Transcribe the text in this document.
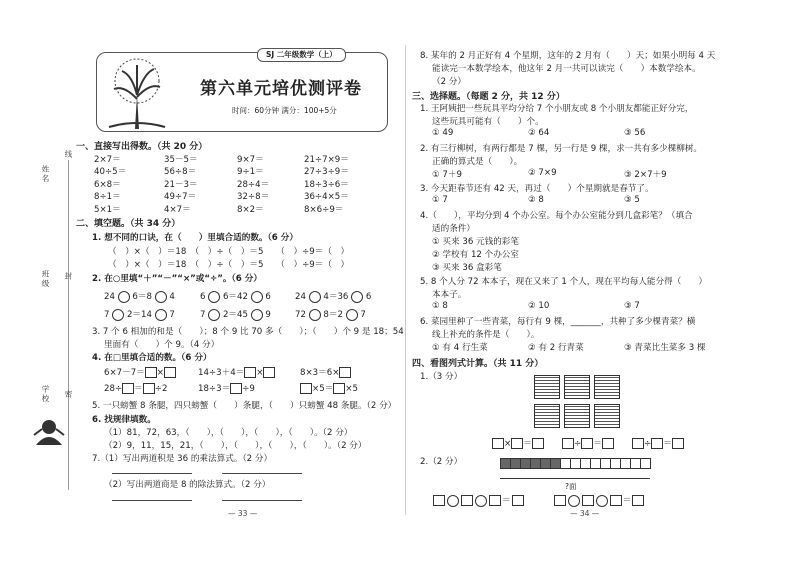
姓名
线
班级 封
学校 密
SJ 二年级数学（上）
第六单元培优测评卷
时间：60分钟 满分：100+5分
一、直接写出得数。（共 20 分）
2×7＝	35－5＝	9×7＝	21÷7×9＝
40÷5＝	56÷8＝	9÷1＝	27÷3÷9＝
6×8＝	21－3＝	28÷4＝	18÷3÷6＝
8÷1＝	49÷7＝	32÷8＝	36÷4×5＝
5×1＝	4×7＝	8×2＝	8×6÷9＝
二、填空题。（共 34 分）
1. 想不同的口诀，在（　　）里填合适的数。（6 分）
（　）×（　）＝18　（　）÷（　）＝5　　（　）÷9＝（　）
（　）×（　）＝18　（　）÷（　）＝5　　（　）÷9＝（　）
2. 在○里填“＋”“－”“×”或“÷”。（6 分）
24 6＝8 4	6 6＝42 6	24 4＝36 6
7 2＝14 7	7 2＝45 9	72 8＝2 7
3. 7 个 6 相加的和是（　　）；8 个 9 比 70 多（　　）；（　　）个 9 是 18；54
里面有（　　）个 9。（4 分）
4. 在□里填合适的数。（6 分）
6×7－7＝ ×	14÷3＋4＝ ×	8×3＝6×
28÷ ＝ ÷2	18÷3＝ ÷9	×5＝ ×5
5. 一只螃蟹 8 条腿，四只螃蟹（　　）条腿，（　　）只螃蟹 48 条腿。（2 分）
6. 找规律填数。
（1）81，72，63，（　　），（　　），（　　），（　　）。（2 分）
（2）9，11，15，21，（　　），（　　），（　　），（　　）。（2 分）
7.（1）写出两道积是 36 的乘法算式。（2 分）
（2）写出两道商是 8 的除法算式。（2 分）
— 33 —
8. 某年的 2 月正好有 4 个星期，这年的 2 月有（　　）天；如果小明每 4 天
能读完一本数学绘本，他这年 2 月一共可以读完（　　）本数学绘本。
（2 分）
三、选择题。（每题 2 分，共 12 分）
1. 王阿姨把一些玩具平均分给 7 个小朋友或 8 个小朋友都能正好分完，
这些玩具可能有（　　）个。
① 49	② 64	③ 56
2. 有三行柳树，有两行都是 7 棵，另一行是 9 棵，求一共有多少棵柳树。
正确的算式是（　　）。
① 7＋9	② 7×9	③ 2×7＋9
3. 今天距春节还有 42 天，再过（　　）个星期就是春节了。
① 7	② 8	③ 5
4.（　　），平均分到 4 个办公室。每个办公室能分到几盒彩笔？（填合
适的条件）
① 买来 36 元钱的彩笔
② 学校有 12 个办公室
③ 买来 36 盒彩笔
5. 8 个人分 72 本本子，现在又来了 1 个人，现在平均每人能分得（　　）
本本子。
① 8	② 10	③ 7
6. 菜园里种了一些青菜，每行有 9 棵，_______，共种了多少棵青菜？横
线上补充的条件是（　　）。
① 有 4 行生菜	② 有 2 行青菜	③ 青菜比生菜多 3 棵
四、看图列式计算。（共 11 分）
1.（3 分）
× ＝	÷ ＝	÷ ＝
2.（2 分）
?面
＝	＝
— 34 —
